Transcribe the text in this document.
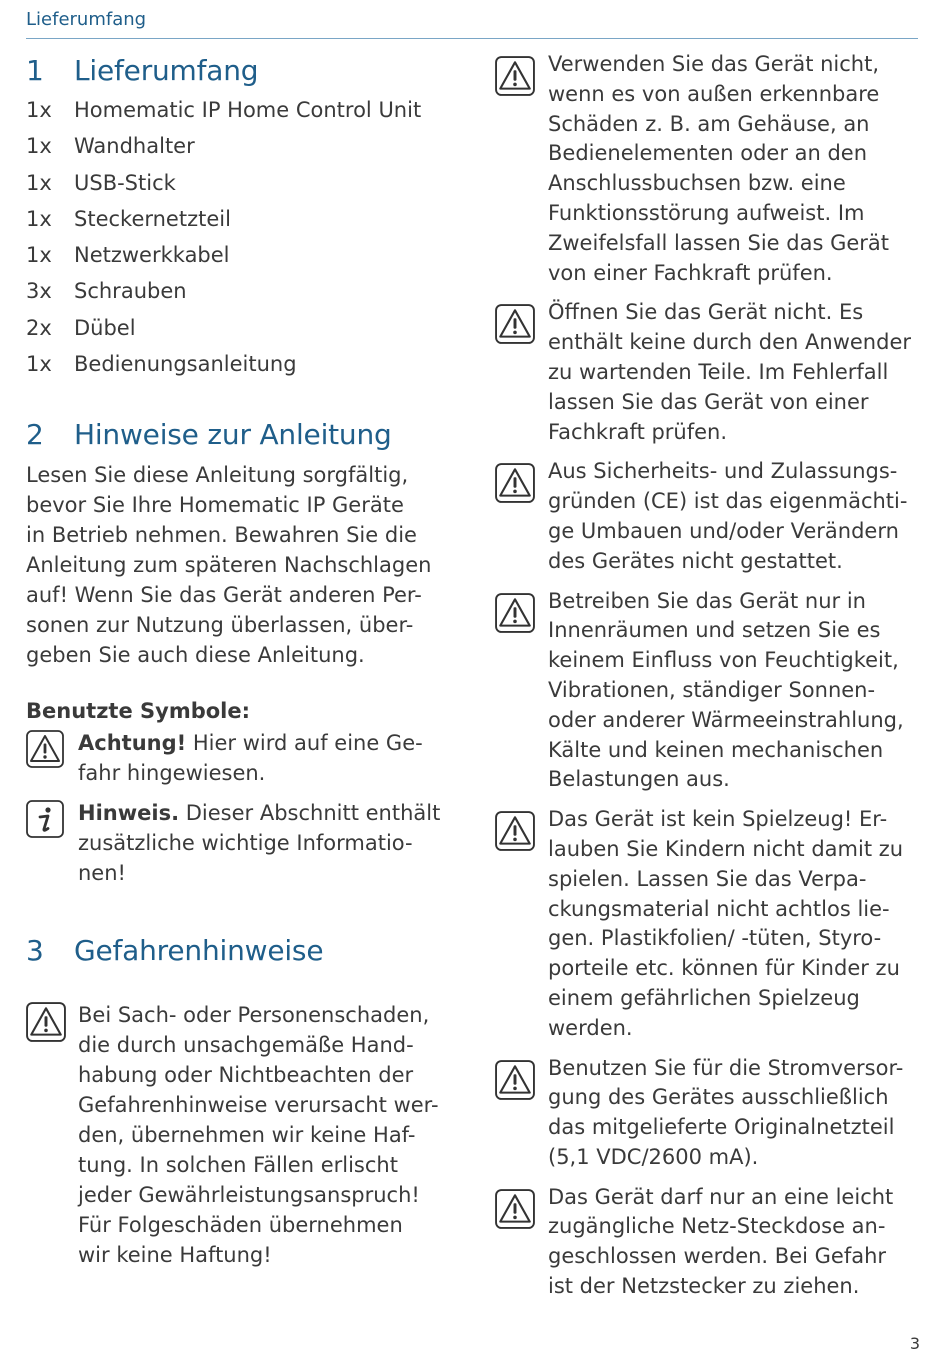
Lieferumfang
1	Lieferumfang
1x	Homematic IP Home Control Unit
1x	Wandhalter
1x	USB-Stick
1x	Steckernetzteil
1x	Netzwerkkabel
3x	Schrauben
2x	Dübel
1x	Bedienungsanleitung
2	Hinweise zur Anleitung

Lesen Sie diese Anleitung sorgfältig,

bevor Sie Ihre Homematic IP Geräte

in Betrieb nehmen. Bewahren Sie die

Anleitung zum späteren Nachschlagen

auf! Wenn Sie das Gerät anderen Per-

sonen zur Nutzung überlassen, über-

geben Sie auch diese Anleitung.

Benutzte Symbole:

Achtung! Hier wird auf eine Ge-
fahr hingewiesen.
Hinweis. Dieser Abschnitt enthält
zusätzliche wichtige Informatio-
nen!
3	Gefahrenhinweise
Bei Sach- oder Personenschaden,
die durch unsachgemäße Hand-
habung oder Nichtbeachten der
Gefahrenhinweise verursacht wer-
den, übernehmen wir keine Haf-
tung. In solchen Fällen erlischt
jeder Gewährleistungsanspruch!
Für Folgeschäden übernehmen
wir keine Haftung!
Verwenden Sie das Gerät nicht,
wenn es von außen erkennbare
Schäden z. B. am Gehäuse, an
Bedienelementen oder an den
Anschlussbuchsen bzw. eine
Funktionsstörung aufweist. Im
Zweifelsfall lassen Sie das Gerät
von einer Fachkraft prüfen.
Öffnen Sie das Gerät nicht. Es
enthält keine durch den Anwender
zu wartenden Teile. Im Fehlerfall
lassen Sie das Gerät von einer
Fachkraft prüfen.
Aus Sicherheits- und Zulassungs-
gründen (CE) ist das eigenmächti-
ge Umbauen und/oder Verändern
des Gerätes nicht gestattet.
Betreiben Sie das Gerät nur in
Innenräumen und setzen Sie es
keinem Einfluss von Feuchtigkeit,
Vibrationen, ständiger Sonnen-
oder anderer Wärmeeinstrahlung,
Kälte und keinen mechanischen
Belastungen aus.
Das Gerät ist kein Spielzeug! Er-
lauben Sie Kindern nicht damit zu
spielen. Lassen Sie das Verpa-
ckungsmaterial nicht achtlos lie-
gen. Plastikfolien/ -tüten, Styro-
porteile etc. können für Kinder zu
einem gefährlichen Spielzeug
werden.
Benutzen Sie für die Stromversor-
gung des Gerätes ausschließlich
das mitgelieferte Originalnetzteil
(5,1 VDC/2600 mA).
Das Gerät darf nur an eine leicht
zugängliche Netz-Steckdose an-
geschlossen werden. Bei Gefahr
ist der Netzstecker zu ziehen.
3
